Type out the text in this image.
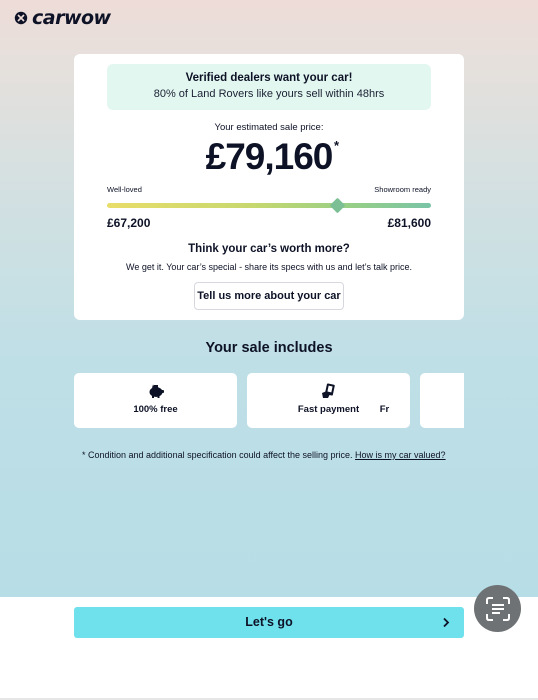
carwow
Verified dealers want your car!
80% of Land Rovers like yours sell within 48hrs
Your estimated sale price:
£79,160 *
Well-loved	Showroom ready
£67,200	£81,600
Think your car’s worth more?
We get it. Your car’s special - share its specs with us and let’s talk price.
Tell us more about your car
Your sale includes
100% free	Fast payment	Fr
* Condition and additional specification could affect the selling price. How is my car valued?
Let's go
